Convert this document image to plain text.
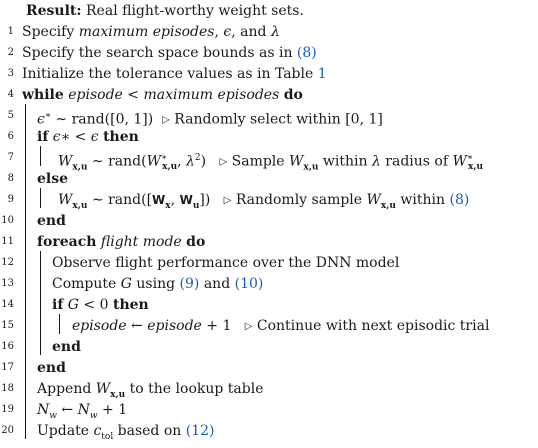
Result: Real flight-worthy weight sets.
1 Specify maximum episodes, ϵ, and λ
2 Specify the search space bounds as in (8)
3 Initialize the tolerance values as in Table 1
4 while episode < maximum episodes do
5 ϵ∗ ∼ rand([0, 1])  ▷ Randomly select within [0, 1]
6 if ϵ∗ < ϵ then
7	$W_{x,u}$ ∼ $rand(W^∗_{x,u}$, $\lambda^2$)   ▷ Sample $W_{x,u}$ within λ radius of $W^∗_{x,u}$
8 else
9	$W_{x,u}$ ∼ $rand([W_x$, $W_u$])   ▷ Randomly sample $W_{x,u}$ within (8)
10 end
11 foreach flight mode do
12	Observe flight performance over the DNN model
13	Compute G using (9) and (10)
14	if G < 0 then
15	episode ← episode + 1   ▷ Continue with next episodic trial
16	end
17 end
18 Append $W_{x,u}$ to the lookup table
19 $N_w$ ← $N_w + 1$
20 Update $c_{tol}$ based on (12)
